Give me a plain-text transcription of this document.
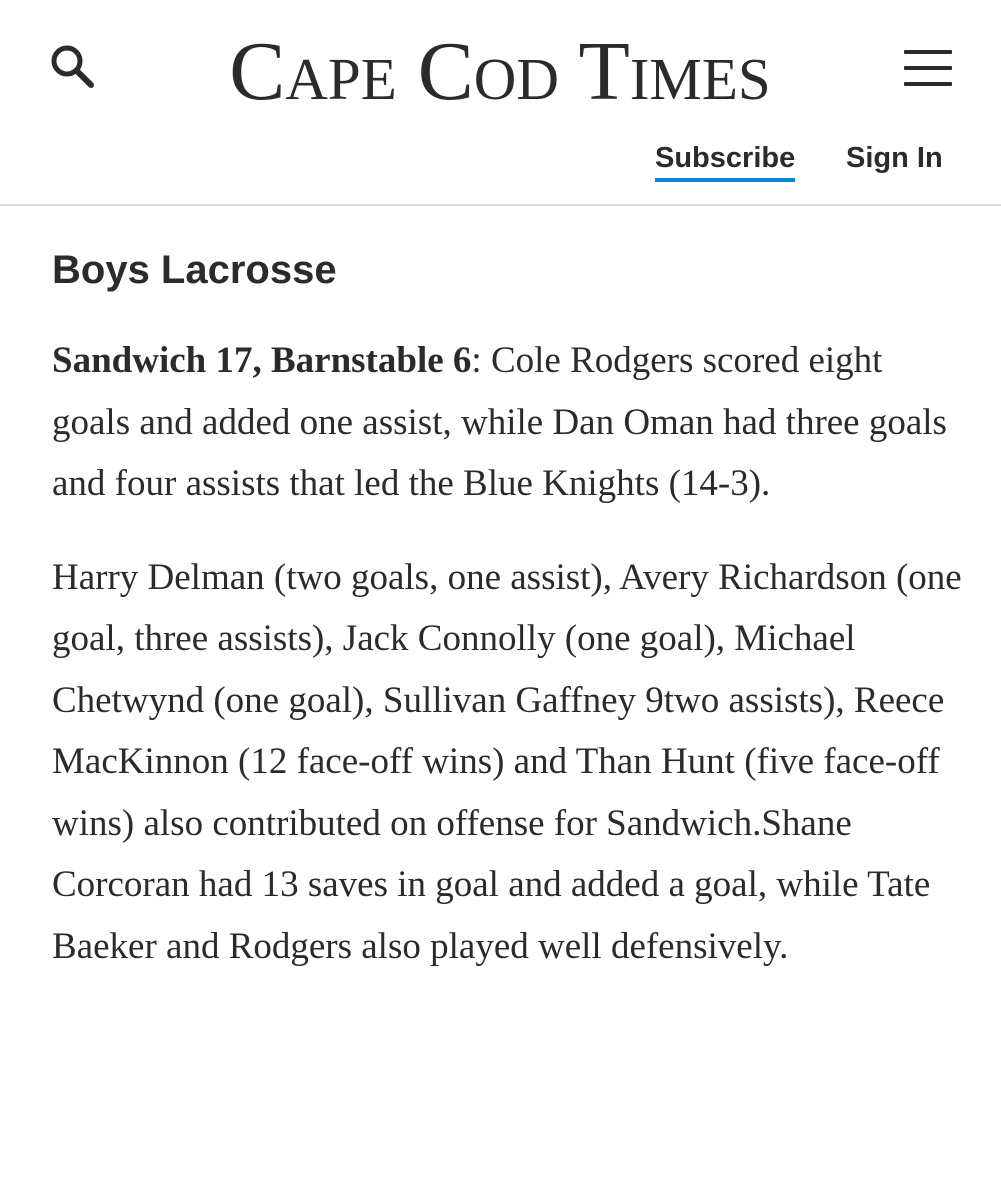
Cape Cod Times
Subscribe Sign In
Boys Lacrosse

Sandwich 17, Barnstable 6: Cole Rodgers scored eight goals and added one assist, while Dan Oman had three goals and four assists that led the Blue Knights (14-3).

Harry Delman (two goals, one assist), Avery Richardson (one goal, three assists), Jack Connolly (one goal), Michael Chetwynd (one goal), Sullivan Gaffney 9two assists), Reece MacKinnon (12 face-off wins) and Than Hunt (five face-off wins) also contributed on offense for Sandwich.Shane Corcoran had 13 saves in goal and added a goal, while Tate Baeker and Rodgers also played well defensively.
